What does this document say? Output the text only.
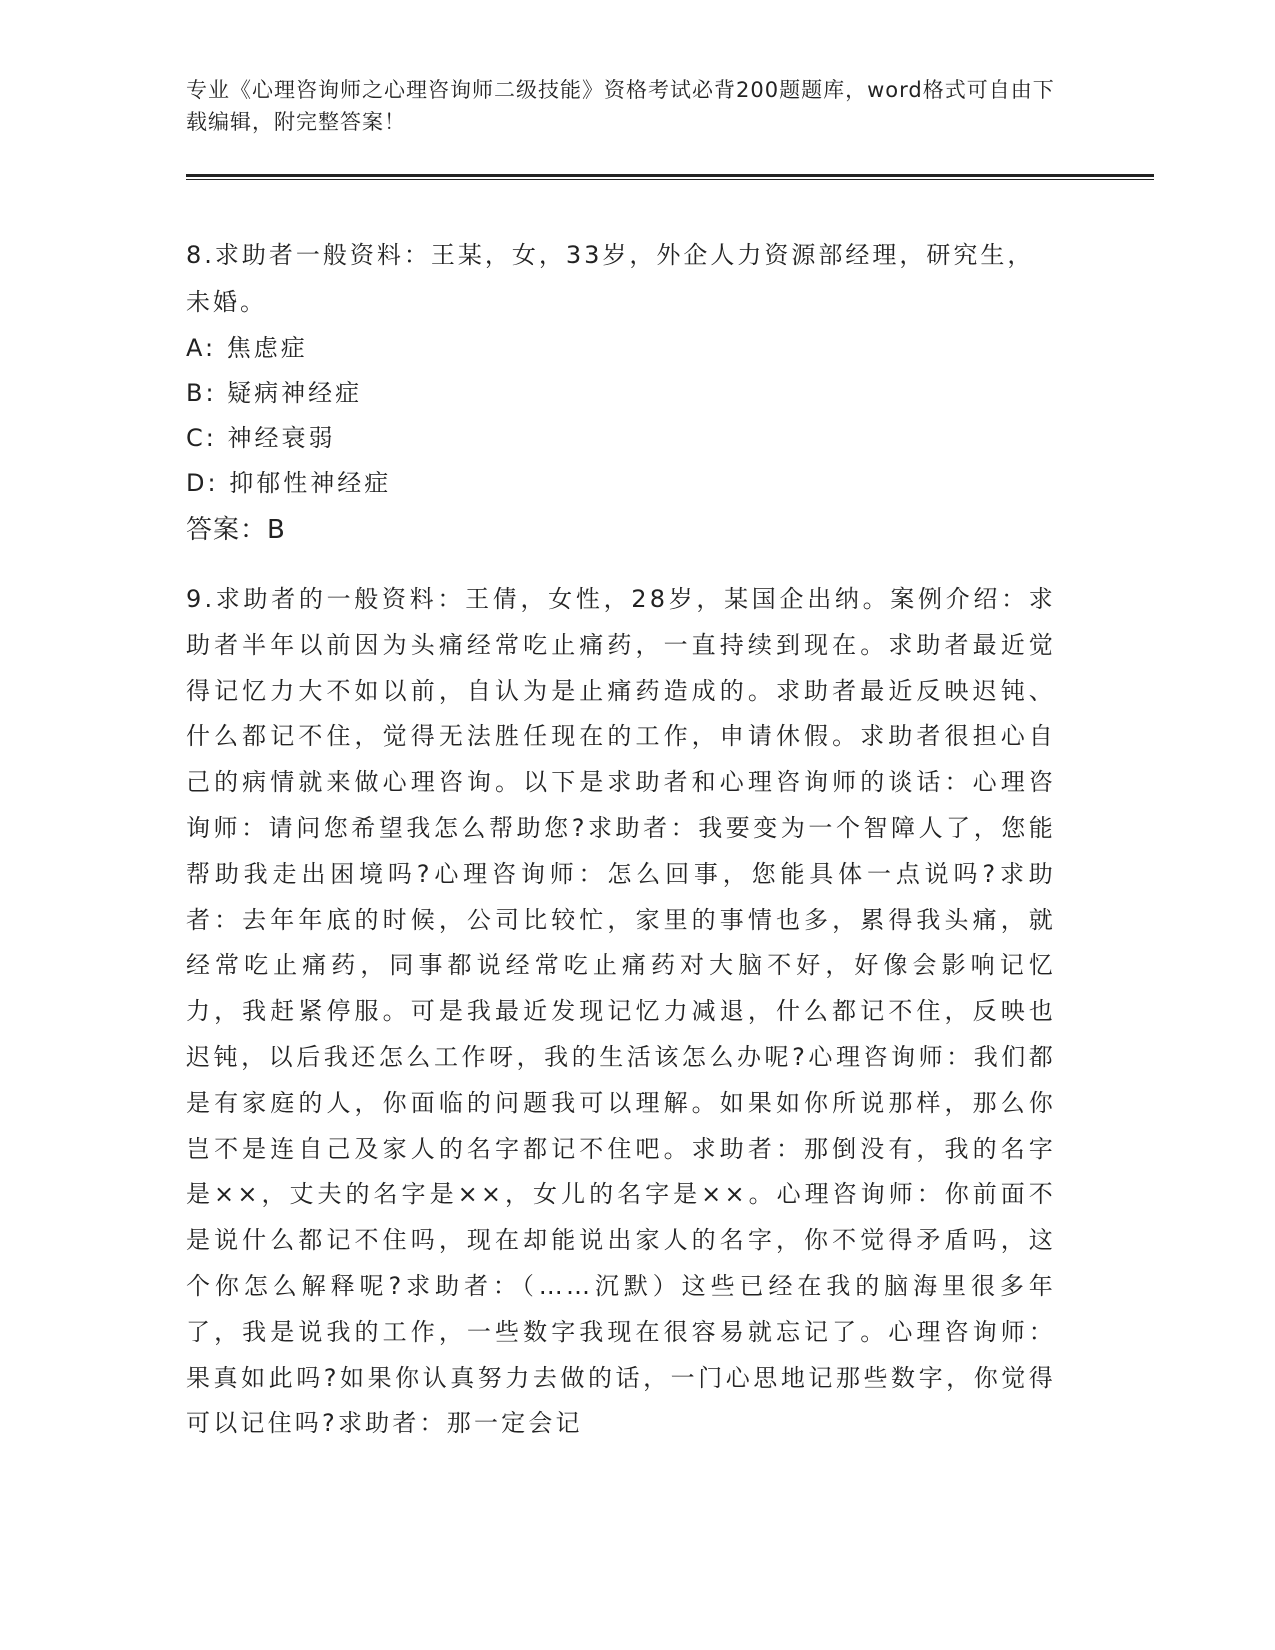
专业《心理咨询师之心理咨询师二级技能》资格考试必背200题题库，word格式可自由下载编辑，附完整答案！
8.求助者一般资料：王某，女，33岁，外企人力资源部经理，研究生，未婚。
A: 焦虑症
B: 疑病神经症
C: 神经衰弱
D: 抑郁性神经症
答案：B
9.求助者的一般资料：王倩，女性，28岁，某国企出纳。案例介绍：求助者半年以前因为头痛经常吃止痛药，一直持续到现在。求助者最近觉得记忆力大不如以前，自认为是止痛药造成的。求助者最近反映迟钝、什么都记不住，觉得无法胜任现在的工作，申请休假。求助者很担心自己的病情就来做心理咨询。以下是求助者和心理咨询师的谈话：心理咨询师：请问您希望我怎么帮助您?求助者：我要变为一个智障人了，您能帮助我走出困境吗?心理咨询师：怎么回事，您能具体一点说吗?求助者：去年年底的时候，公司比较忙，家里的事情也多，累得我头痛，就经常吃止痛药，同事都说经常吃止痛药对大脑不好，好像会影响记忆力，我赶紧停服。可是我最近发现记忆力减退，什么都记不住，反映也迟钝，以后我还怎么工作呀，我的生活该怎么办呢?心理咨询师：我们都是有家庭的人，你面临的问题我可以理解。如果如你所说那样，那么你岂不是连自己及家人的名字都记不住吧。求助者：那倒没有，我的名字是××，丈夫的名字是××，女儿的名字是××。心理咨询师：你前面不是说什么都记不住吗，现在却能说出家人的名字，你不觉得矛盾吗，这个你怎么解释呢?求助者：（……沉默）这些已经在我的脑海里很多年了，我是说我的工作，一些数字我现在很容易就忘记了。心理咨询师：果真如此吗?如果你认真努力去做的话，一门心思地记那些数字，你觉得可以记住吗?求助者：那一定会记
